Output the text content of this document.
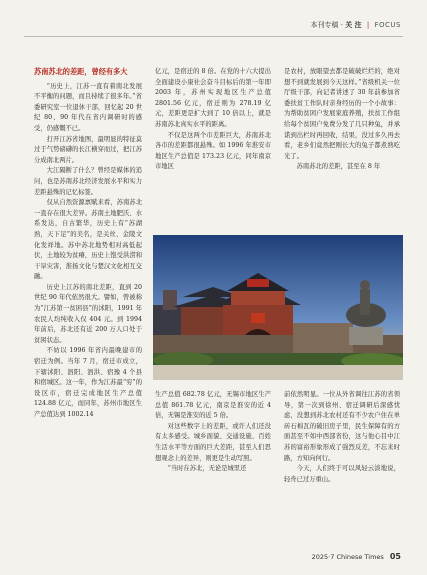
本刊专稿 · 关 注 | FOCUS
苏南苏北的差距，曾经有多大

“历史上，江苏一直有着南北发展不平衡的问题，而且持续了很多年。”省委研究室一位退休干部，回忆起 20 世纪 80、90 年代在省内调研时的感受，仍感慨不已。

打开江苏省地图，最明显的特征莫过于气势磅礴的长江横穿而过，把江苏分成南北两片。

大江隔断了什么？曾经是媒体的追问，也是苏南苏北经济发展水平和实力差距悬殊的记忆标签。

仅从自然资源禀赋来看，苏南苏北一直存在很大差异。苏南土地肥沃、水系发达，自古繁华，历史上有“苏湖熟，天下足”的美名，是关丝、金陵文化发祥地。苏中苏北地势相对高低起伏，土地较为贫瘠，历史上饱受洪涝和干旱灾害，淮扬文化与楚汉文化相互交融。

历史上江苏的南北差距，直到 20 世纪 90 年代依然很大。譬如，曾被称为“江苏第一贫困县”的沭阳，1991 年农民人均纯收入仅 404 元。到 1994 年前后，苏北还有近 200 万人口处于贫困状态。

不妨以 1996 年省内最晚建市的宿迁为例。当年 7 月，宿迁市成立，下辖沭阳、泗阳、泗洪、宿豫 4 个县和宿城区。这一年，作为江苏最“穷”的设区市，宿迁完成地区生产总值 124.88 亿元，而同年，苏州市地区生产总值达到 1002.14

亿元，是宿迁的 8 倍。在党的十六大提出全面建设小康社会奋斗目标后的第一年即 2003 年，苏州实现地区生产总值 2801.56 亿元，宿迁则为 278.19 亿元，差距更是扩大到了 10 倍以上，就是苏南苏北真实水平的距离。

不仅是这两个市差距巨大，苏南苏北各市的差距都很悬殊。如 1996 年淮安市地区生产总值是 173.23 亿元，同年南京市地区

是农村，放眼望去都是破破烂烂的，绝对想不到就发展到今天这样。”省级机关一位厅级干部，向记者讲述了 30 年前参加省委扶贫工作队时亲身经历的一个小故事：为帮助贫困户发展家庭养殖，扶贫工作组给每个贫困户免费分发了几只种兔，并承诺到出栏时再回收，结果，没过多久再去看，老乡们竟然把刚长大的兔子都煮熟吃光了。

苏南苏北的差距，甚至在 8 年

生产总值 682.78 亿元，无锡市地区生产总值 861.78 亿元，南京是淮安的近 4 倍，无锡是淮安的近 5 倍。

对这些数字上的差距，或许人们还没有太多感受。城乡面貌、交通设施、百姓生活水平等方面的巨大差距，甚至人们思想观念上的差异，则更是生动写照。

“当时在苏北，无论是城里还

前依然明显。一位从外省调往江苏的省领导，第一次到徐州、宿迁调研后深感忧虑，没想到苏北农村还有不少农户住在单砖石棉瓦的破旧房子里，民生保障有的方面甚至不如中西部省份，这与他心目中江苏的富裕形象形成了强烈反差，不忘来时路，方知向何行。

今天，人们终于可以风轻云淡地说，轻舟已过万重山。

2025·7 Chinese Times 05
